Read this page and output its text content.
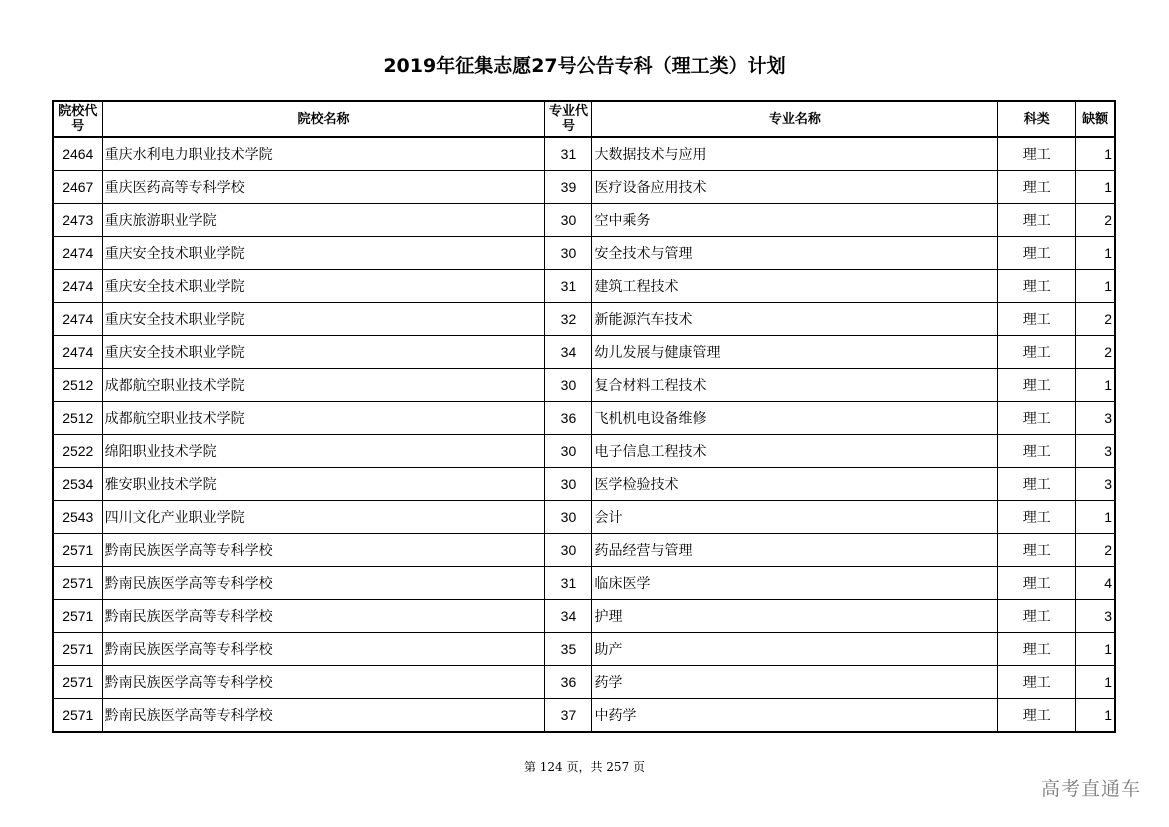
2019年征集志愿27号公告专科（理工类）计划
院校代号	院校名称	专业代号	专业名称	科类	缺额
2464	重庆水利电力职业技术学院	31	大数据技术与应用	理工	1
2467	重庆医药高等专科学校	39	医疗设备应用技术	理工	1
2473	重庆旅游职业学院	30	空中乘务	理工	2
2474	重庆安全技术职业学院	30	安全技术与管理	理工	1
2474	重庆安全技术职业学院	31	建筑工程技术	理工	1
2474	重庆安全技术职业学院	32	新能源汽车技术	理工	2
2474	重庆安全技术职业学院	34	幼儿发展与健康管理	理工	2
2512	成都航空职业技术学院	30	复合材料工程技术	理工	1
2512	成都航空职业技术学院	36	飞机机电设备维修	理工	3
2522	绵阳职业技术学院	30	电子信息工程技术	理工	3
2534	雅安职业技术学院	30	医学检验技术	理工	3
2543	四川文化产业职业学院	30	会计	理工	1
2571	黔南民族医学高等专科学校	30	药品经营与管理	理工	2
2571	黔南民族医学高等专科学校	31	临床医学	理工	4
2571	黔南民族医学高等专科学校	34	护理	理工	3
2571	黔南民族医学高等专科学校	35	助产	理工	1
2571	黔南民族医学高等专科学校	36	药学	理工	1
2571	黔南民族医学高等专科学校	37	中药学	理工	1
第 124 页，共 257 页
高考直通车
